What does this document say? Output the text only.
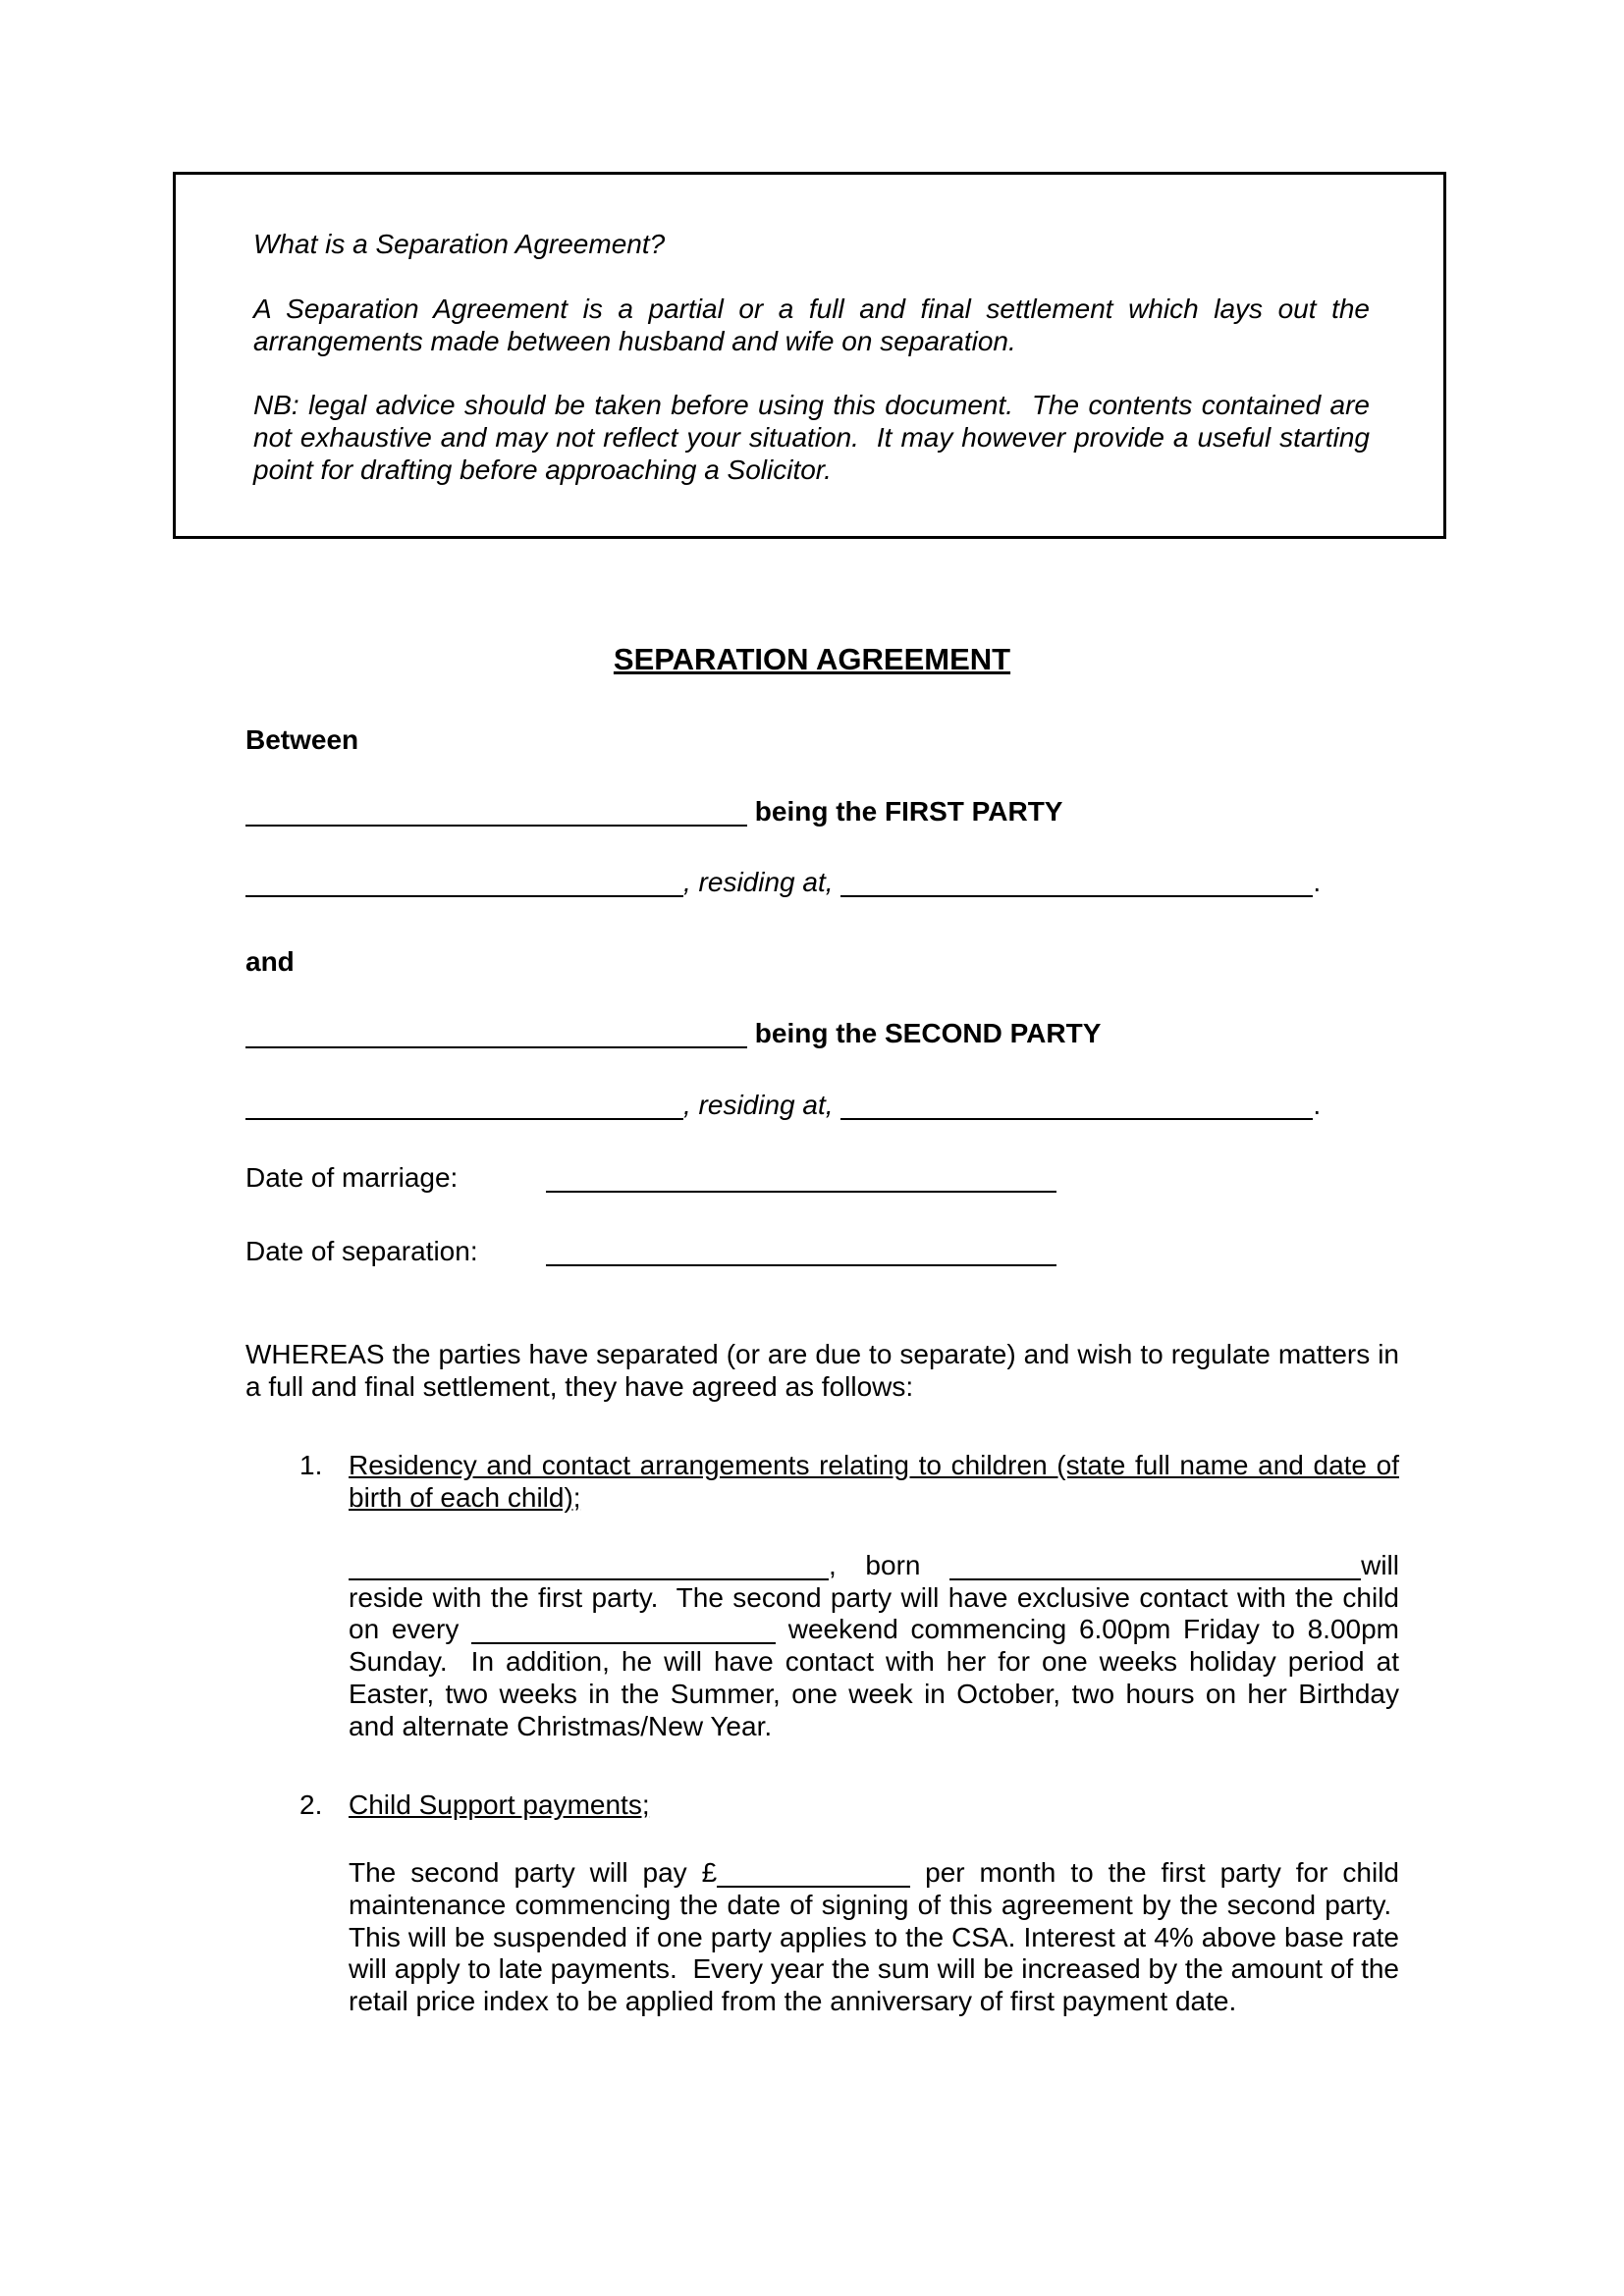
What is a Separation Agreement?

A Separation Agreement is a partial or a full and final settlement which lays out the arrangements made between husband and wife on separation.

NB: legal advice should be taken before using this document.  The contents contained are not exhaustive and may not reflect your situation.  It may however provide a useful starting point for drafting before approaching a Solicitor.

SEPARATION AGREEMENT
Between
being the FIRST PARTY
, residing at,	.
and
being the SECOND PARTY
, residing at,	.
Date of marriage:
Date of separation:
WHEREAS the parties have separated (or are due to separate) and wish to regulate matters in a full and final settlement, they have agreed as follows:
1. Residency and contact arrangements relating to children (state full name and date of birth of each child);
, born	will reside with the first party.  The second party will have exclusive contact with the child on every	weekend commencing 6.00pm Friday to 8.00pm Sunday.  In addition, he will have contact with her for one weeks holiday period at Easter, two weeks in the Summer, one week in October, two hours on her Birthday and alternate Christmas/New Year.
2. Child Support payments;
The second party will pay £	per month to the first party for child maintenance commencing the date of signing of this agreement by the second party.  This will be suspended if one party applies to the CSA. Interest at 4% above base rate will apply to late payments.  Every year the sum will be increased by the amount of the retail price index to be applied from the anniversary of first payment date.
